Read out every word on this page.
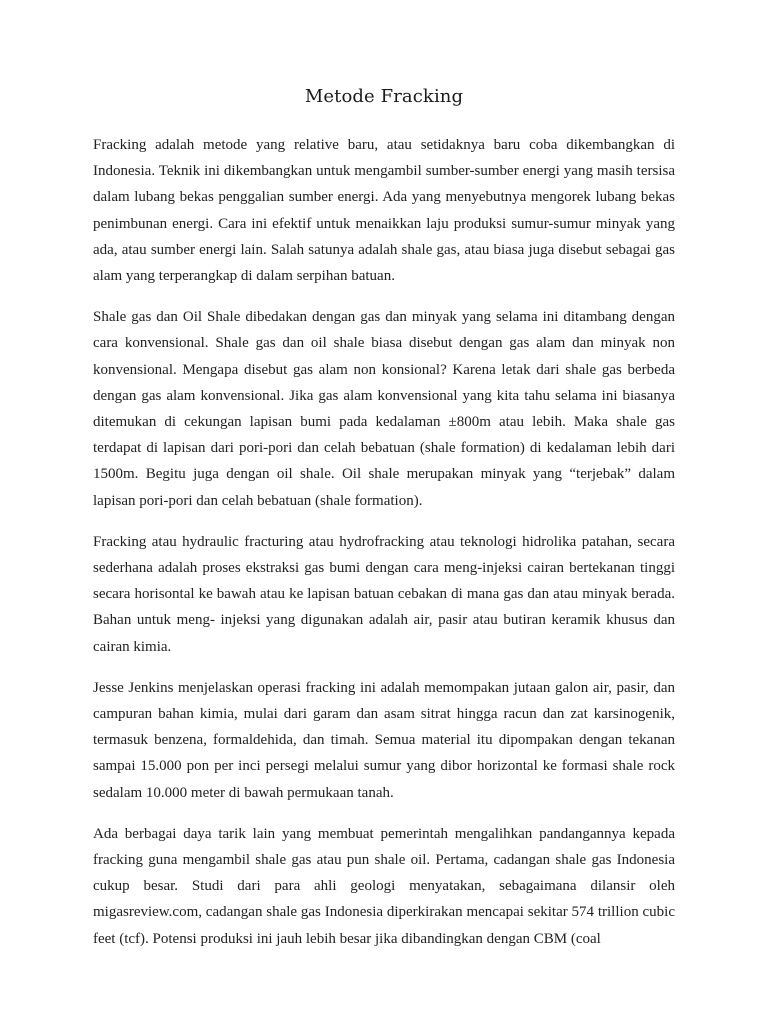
Metode Fracking

Fracking adalah metode yang relative baru, atau setidaknya baru coba dikembangkan di Indonesia. Teknik ini dikembangkan untuk mengambil sumber-sumber energi yang masih tersisa dalam lubang bekas penggalian sumber energi. Ada yang menyebutnya mengorek lubang bekas penimbunan energi. Cara ini efektif untuk menaikkan laju produksi sumur-sumur minyak yang ada, atau sumber energi lain. Salah satunya adalah shale gas, atau biasa juga disebut sebagai gas alam yang terperangkap di dalam serpihan batuan.

Shale gas dan Oil Shale dibedakan dengan gas dan minyak yang selama ini ditambang dengan cara konvensional. Shale gas dan oil shale biasa disebut dengan gas alam dan minyak non konvensional. Mengapa disebut gas alam non konsional? Karena letak dari shale gas berbeda dengan gas alam konvensional. Jika gas alam konvensional yang kita tahu selama ini biasanya ditemukan di cekungan lapisan bumi pada kedalaman ±800m atau lebih. Maka shale gas terdapat di lapisan dari pori-pori dan celah bebatuan (shale formation) di kedalaman lebih dari 1500m. Begitu juga dengan oil shale. Oil shale merupakan minyak yang “terjebak” dalam lapisan pori-pori dan celah bebatuan (shale formation).

Fracking atau hydraulic fracturing atau hydrofracking atau teknologi hidrolika patahan, secara sederhana adalah proses ekstraksi gas bumi dengan cara meng-injeksi cairan bertekanan tinggi secara horisontal ke bawah atau ke lapisan batuan cebakan di mana gas dan atau minyak berada. Bahan untuk meng- injeksi yang digunakan adalah air, pasir atau butiran keramik khusus dan cairan kimia.

Jesse Jenkins menjelaskan operasi fracking ini adalah memompakan jutaan galon air, pasir, dan campuran bahan kimia, mulai dari garam dan asam sitrat hingga racun dan zat karsinogenik, termasuk benzena, formaldehida, dan timah. Semua material itu dipompakan dengan tekanan sampai 15.000 pon per inci persegi melalui sumur yang dibor horizontal ke formasi shale rock sedalam 10.000 meter di bawah permukaan tanah.

Ada berbagai daya tarik lain yang membuat pemerintah mengalihkan pandangannya kepada fracking guna mengambil shale gas atau pun shale oil. Pertama, cadangan shale gas Indonesia cukup besar. Studi dari para ahli geologi menyatakan, sebagaimana dilansir oleh migasreview.com, cadangan shale gas Indonesia diperkirakan mencapai sekitar 574 trillion cubic feet (tcf). Potensi produksi ini jauh lebih besar jika dibandingkan dengan CBM (coal
